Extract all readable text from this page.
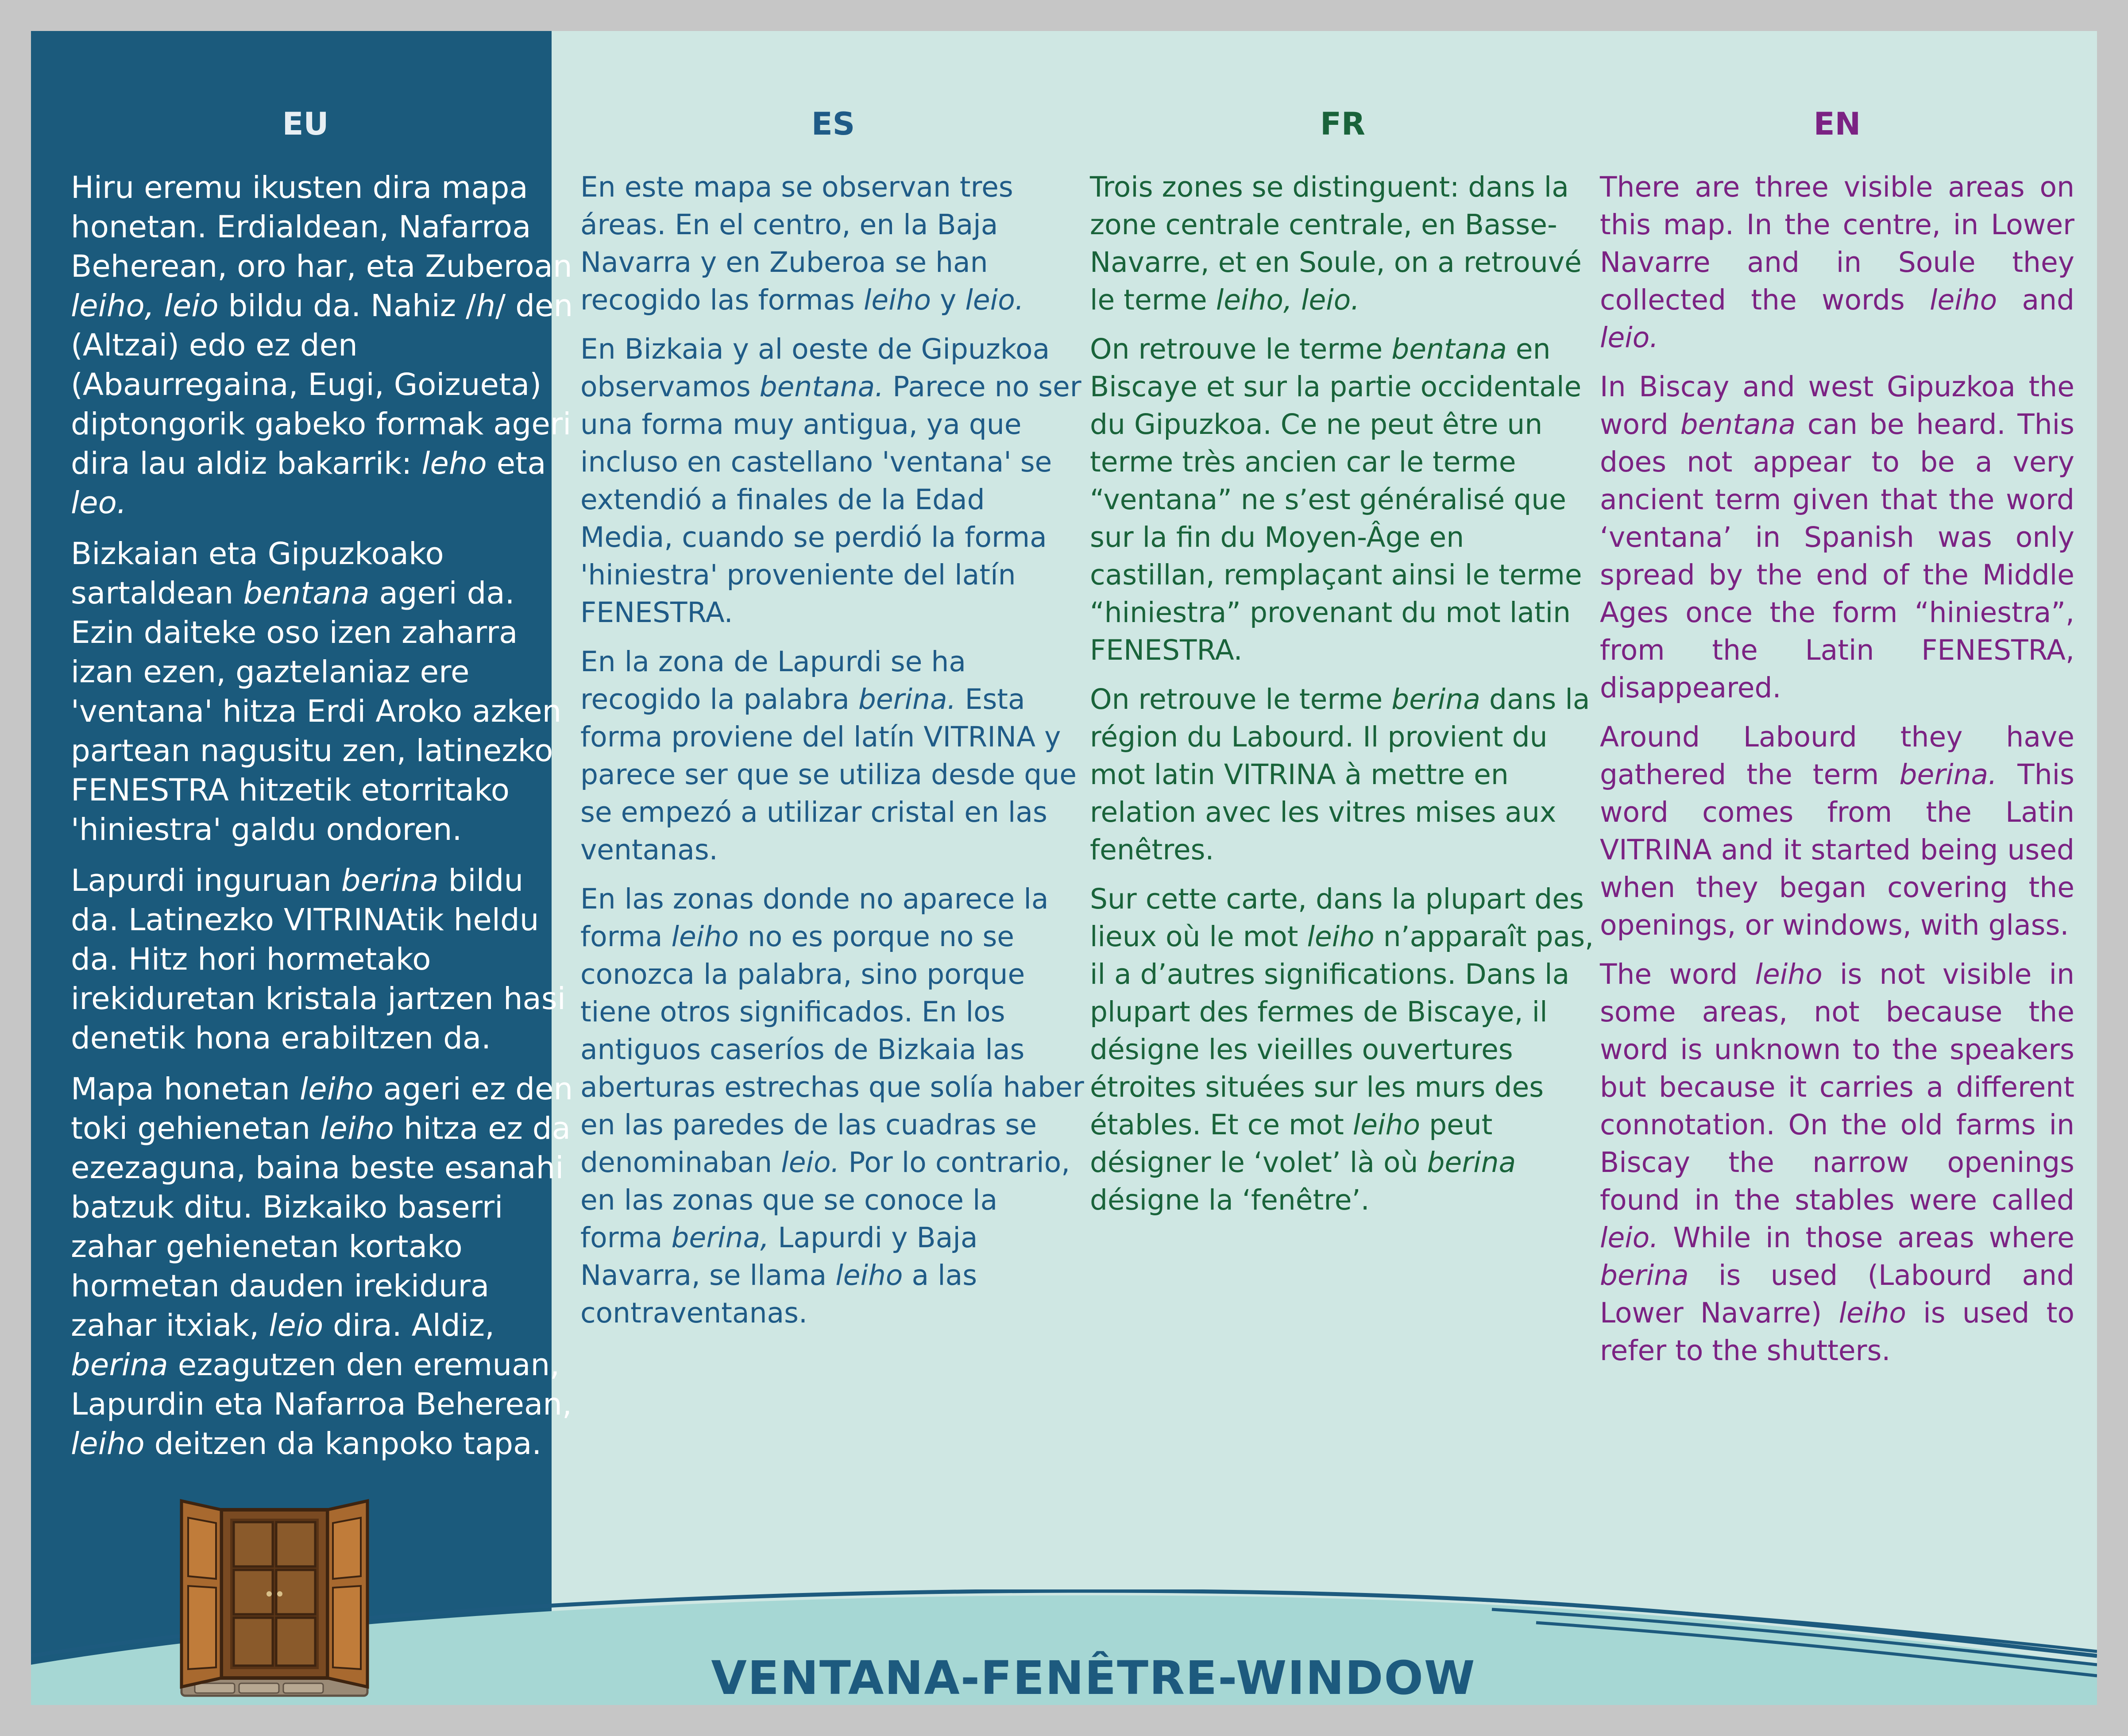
EU

Hiru eremu ikusten dira mapa honetan. Erdialdean, Nafarroa Beherean, oro har, eta Zuberoan leiho, leio bildu da. Nahiz /h/ den (Altzai) edo ez den (Abaurregaina, Eugi, Goizueta) diptongorik gabeko formak ageri dira lau aldiz bakarrik: leho eta leo.

Bizkaian eta Gipuzkoako sartaldean bentana ageri da. Ezin daiteke oso izen zaharra izan ezen, gaztelaniaz ere 'ventana' hitza Erdi Aroko azken partean nagusitu zen, latinezko FENESTRA hitzetik etorritako 'hiniestra' galdu ondoren.

Lapurdi inguruan berina bildu da. Latinezko VITRINAtik heldu da. Hitz hori hormetako irekiduretan kristala jartzen hasi denetik hona erabiltzen da.

Mapa honetan leiho ageri ez den toki gehienetan leiho hitza ez da ezezaguna, baina beste esanahi batzuk ditu. Bizkaiko baserri zahar gehienetan kortako hormetan dauden irekidura zahar itxiak, leio dira. Aldiz, berina ezagutzen den eremuan, Lapurdin eta Nafarroa Beherean, leiho deitzen da kanpoko tapa.

ES

En este mapa se observan tres áreas. En el centro, en la Baja Navarra y en Zuberoa se han recogido las formas leiho y leio.

En Bizkaia y al oeste de Gipuzkoa observamos bentana. Parece no ser una forma muy antigua, ya que incluso en castellano 'ventana' se extendió a finales de la Edad Media, cuando se perdió la forma 'hiniestra' proveniente del latín FENESTRA.

En la zona de Lapurdi se ha recogido la palabra berina. Esta forma proviene del latín VITRINA y parece ser que se utiliza desde que se empezó a utilizar cristal en las ventanas.

En las zonas donde no aparece la forma leiho no es porque no se conozca la palabra, sino porque tiene otros significados. En los antiguos caseríos de Bizkaia las aberturas estrechas que solía haber en las paredes de las cuadras se denominaban leio. Por lo contrario, en las zonas que se conoce la forma berina, Lapurdi y Baja Navarra, se llama leiho a las contraventanas.

FR

Trois zones se distinguent: dans la zone centrale centrale, en Basse-Navarre, et en Soule, on a retrouvé le terme leiho, leio.

On retrouve le terme bentana en Biscaye et sur la partie occidentale du Gipuzkoa. Ce ne peut être un terme très ancien car le terme “ventana” ne s’est généralisé que sur la fin du Moyen-Âge en castillan, remplaçant ainsi le terme “hiniestra” provenant du mot latin FENESTRA.

On retrouve le terme berina dans la région du Labourd. Il provient du mot latin VITRINA à mettre en relation avec les vitres mises aux fenêtres.

Sur cette carte, dans la plupart des lieux où le mot leiho n’apparaît pas, il a d’autres significations. Dans la plupart des fermes de Biscaye, il désigne les vieilles ouvertures étroites situées sur les murs des étables. Et ce mot leiho peut désigner le ‘volet’ là où berina désigne la ‘fenêtre’.

EN

There are three visible areas on this map. In the centre, in Lower Navarre and in Soule they collected the words leiho and leio.

In Biscay and west Gipuzkoa the word bentana can be heard. This does not appear to be a very ancient term given that the word ‘ventana’ in Spanish was only spread by the end of the Middle Ages once the form “hiniestra”, from the Latin FENESTRA, disappeared.

Around Labourd they have gathered the term berina. This word comes from the Latin VITRINA and it started being used when they began covering the openings, or windows, with glass.

The word leiho is not visible in some areas, not because the word is unknown to the speakers but because it carries a different connotation. On the old farms in Biscay the narrow openings found in the stables were called leio. While in those areas where berina is used (Labourd and Lower Navarre) leiho is used to refer to the shutters.

VENTANA-FENÊTRE-WINDOW
